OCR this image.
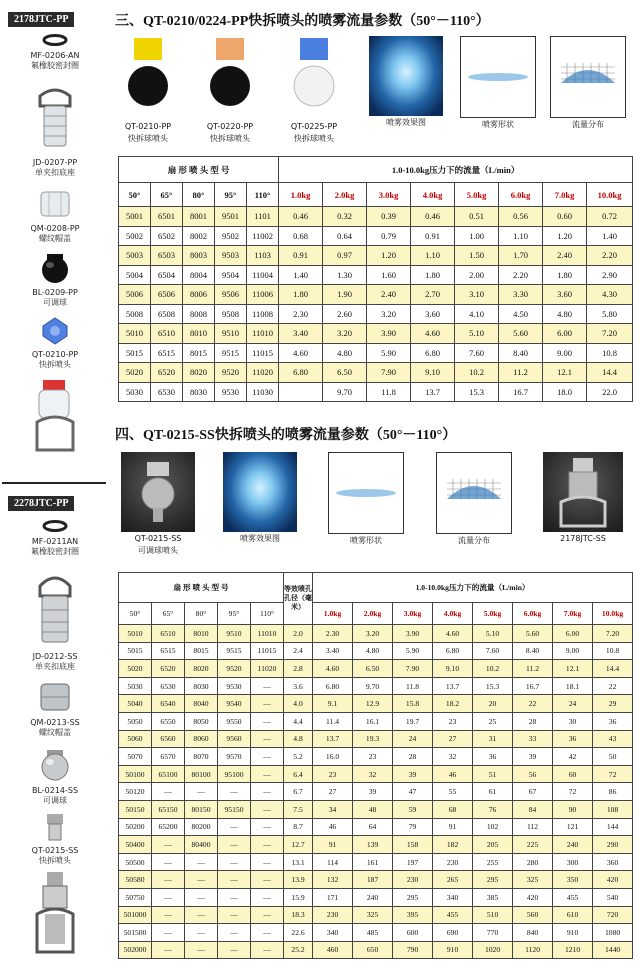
2178JTC-PP
MF-0206-AN
氟橡胶密封圈
JD-0207-PP
单夹扣底座
QM-0208-PP
螺纹帽盖
BL-0209-PP
可调球
QT-0210-PP
快拆喷头
2278JTC-PP
MF-0211AN
氟橡胶密封圈
JD-0212-SS
单夹扣底座
QM-0213-SS
螺纹帽盖
BL-0214-SS
可调球
QT-0215-SS
快拆喷头
三、QT-0210/0224-PP快拆喷头的喷雾流量参数（50°－110°）
QT-0210-PP
快拆球喷头
QT-0220-PP
快拆球喷头
QT-0225-PP
快拆球喷头
喷雾效果图	喷雾形状	流量分布
扇 形 喷 头 型 号					1.0-10.0kg压力下的流量（L/min）							
50°	65°	80°	95°	110°	1.0kg	2.0kg	3.0kg	4.0kg	5.0kg	6.0kg	7.0kg	10.0kg
5001	6501	8001	9501	1101	0.46	0.32	0.39	0.46	0.51	0.56	0.60	0.72
5002	6502	8002	9502	11002	0.68	0.64	0.79	0.91	1.00	1.10	1.20	1.40
5003	6503	8003	9503	1103	0.91	0.97	1.20	1.10	1.50	1.70	2.40	2.20
5004	6504	8004	9504	11004	1.40	1.30	1.60	1.80	2.00	2.20	1.80	2.90
5006	6506	8006	9506	11006	1.80	1.90	2.40	2.70	3.10	3.30	3.60	4.30
5008	6508	8008	9508	11008	2.30	2.60	3.20	3.60	4.10	4.50	4.80	5.80
5010	6510	8010	9510	11010	3.40	3.20	3.90	4.60	5.10	5.60	6.00	7.20
5015	6515	8015	9515	11015	4.60	4.80	5.90	6.80	7.60	8.40	9.00	10.8
5020	6520	8020	9520	11020	6.80	6.50	7.90	9.10	10.2	11.2	12.1	14.4
5030	6530	8030	9530	11030		9.70	11.8	13.7	15.3	16.7	18.0	22.0
四、QT-0215-SS快拆喷头的喷雾流量参数（50°－110°）
QT-0215-SS
可调球喷头
喷雾效果图	喷雾形状	流量分布	2178JTC-SS
扇 形 喷 头 型 号					等效喷孔孔径（毫米）	1.0-10.0kg压力下的流量（L/min）							
50°	65°	80°	95°	110°		1.0kg	2.0kg	3.0kg	4.0kg	5.0kg	6.0kg	7.0kg	10.0kg
5010	6510	8010	9510	11010	2.0	2.30	3.20	3.90	4.60	5.10	5.60	6.00	7.20
5015	6515	8015	9515	11015	2.4	3.40	4.80	5.90	6.80	7.60	8.40	9.00	10.8
5020	6520	8020	9520	11020	2.8	4.60	6.50	7.90	9.10	10.2	11.2	12.1	14.4
5030	6530	8030	9530	—	3.6	6.80	9.70	11.8	13.7	15.3	16.7	18.1	22
5040	6540	8040	9540	—	4.0	9.1	12.9	15.8	18.2	20	22	24	29
5050	6550	8050	9550	—	4.4	11.4	16.1	19.7	23	25	28	30	36
5060	6560	8060	9560	—	4.8	13.7	19.3	24	27	31	33	36	43
5070	6570	8070	9570	—	5.2	16.0	23	28	32	36	39	42	50
50100	65100	80100	95100	—	6.4	23	32	39	46	51	56	60	72
50120	—	—	—	—	6.7	27	39	47	55	61	67	72	86
50150	65150	80150	95150	—	7.5	34	48	59	68	76	84	90	108
50200	65200	80200	—	—	8.7	46	64	79	91	102	112	121	144
50400	—	80400	—	—	12.7	91	139	158	182	205	225	240	290
50500	—	—	—	—	13.1	114	161	197	230	255	280	300	360
50580	—	—	—	—	13.9	132	187	230	265	295	325	350	420
50750	—	—	—	—	15.9	171	240	295	340	385	420	455	540
501000	—	—	—	—	18.3	230	325	395	455	510	560	610	720
501500	—	—	—	—	22.6	340	485	600	690	770	840	910	1080
502000	—	—	—	—	25.2	460	650	790	910	1020	1120	1210	1440
